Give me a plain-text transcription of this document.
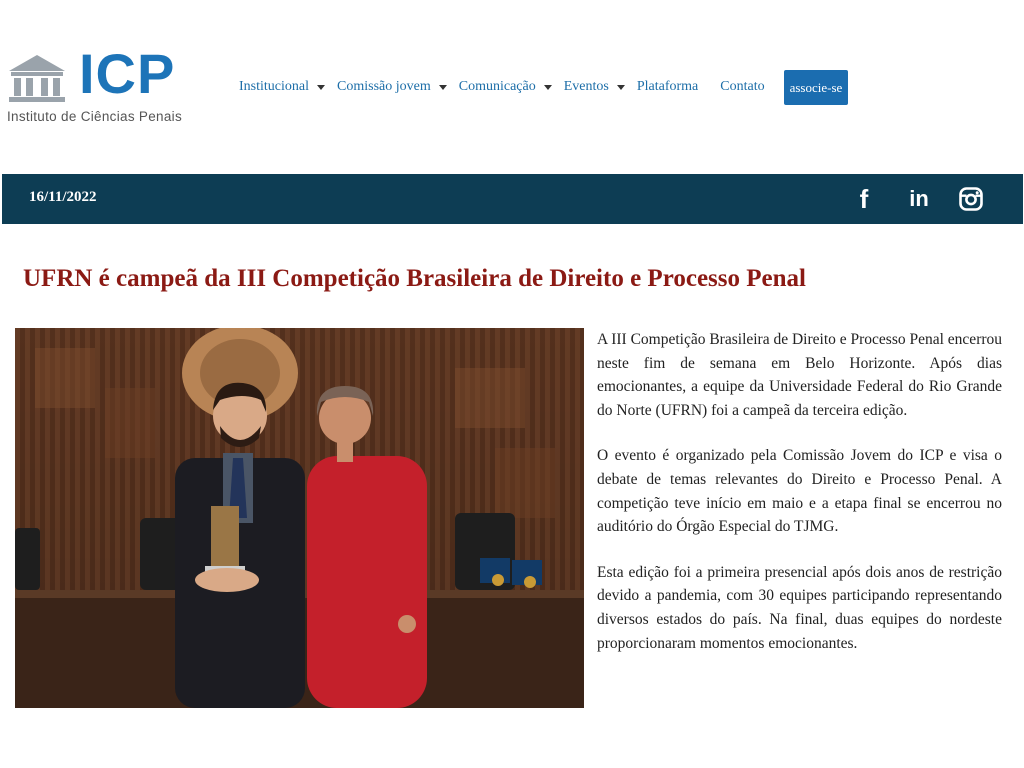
ICP
Instituto de Ciências Penais
Institucional Comissão jovem Comunicação Eventos Plataforma Contato	associe-se
16/11/2022	f in
UFRN é campeã da III Competição Brasileira de Direito e Processo Penal

A III Competição Brasileira de Direito e Processo Penal encerrou neste fim de semana em Belo Horizonte. Após dias emocionantes, a equipe da Universidade Federal do Rio Grande do Norte (UFRN) foi a campeã da terceira edição.

O evento é organizado pela Comissão Jovem do ICP e visa o debate de temas relevantes do Direito e Processo Penal. A competição teve início em maio e a etapa final se encerrou no auditório do Órgão Especial do TJMG.

Esta edição foi a primeira presencial após dois anos de restrição devido a pandemia, com 30 equipes participando representando diversos estados do país. Na final, duas equipes do nordeste proporcionaram momentos emocionantes.
